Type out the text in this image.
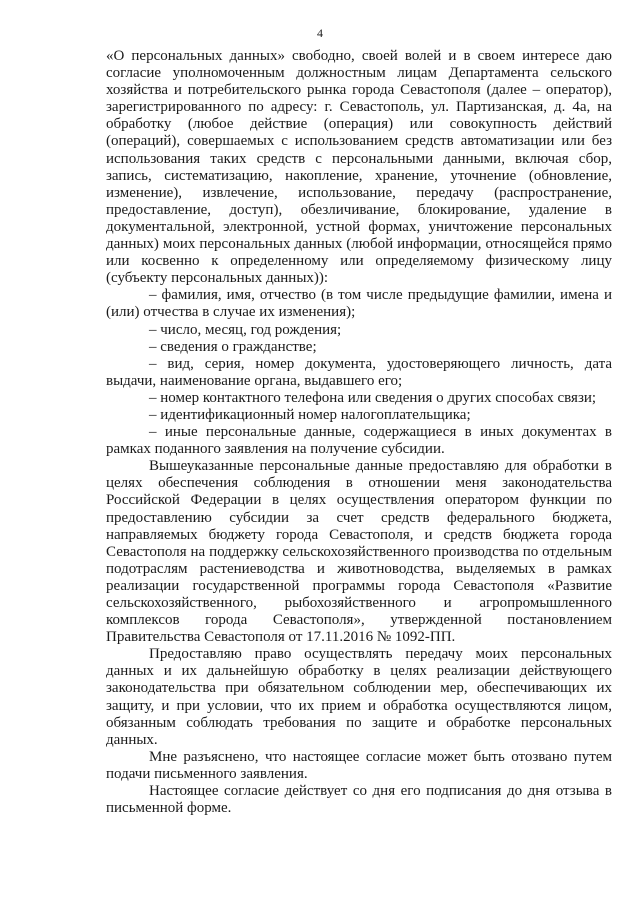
4

«О персональных данных» свободно, своей волей и в своем интересе даю согласие уполномоченным должностным лицам Департамента сельского хозяйства и потребительского рынка города Севастополя (далее – оператор), зарегистрированного по адресу: г. Севастополь, ул. Партизанская, д. 4а, на обработку (любое действие (операция) или совокупность действий (операций), совершаемых с использованием средств автоматизации или без использования таких средств с персональными данными, включая сбор, запись, систематизацию, накопление, хранение, уточнение (обновление, изменение), извлечение, использование, передачу (распространение, предоставление, доступ), обезличивание, блокирование, удаление в документальной, электронной, устной формах, уничтожение персональных данных) моих персональных данных (любой информации, относящейся прямо или косвенно к определенному или определяемому физическому лицу (субъекту персональных данных)):

– фамилия, имя, отчество (в том числе предыдущие фамилии, имена и (или) отчества в случае их изменения);

– число, месяц, год рождения;

– сведения о гражданстве;

– вид, серия, номер документа, удостоверяющего личность, дата выдачи, наименование органа, выдавшего его;

– номер контактного телефона или сведения о других способах связи;

– идентификационный номер налогоплательщика;

– иные персональные данные, содержащиеся в иных документах в рамках поданного заявления на получение субсидии.

Вышеуказанные персональные данные предоставляю для обработки в целях обеспечения соблюдения в отношении меня законодательства Российской Федерации в целях осуществления оператором функции по предоставлению субсидии за счет средств федерального бюджета, направляемых бюджету города Севастополя, и средств бюджета города Севастополя на поддержку сельскохозяйственного производства по отдельным подотраслям растениеводства и животноводства, выделяемых в рамках реализации государственной программы города Севастополя «Развитие сельскохозяйственного, рыбохозяйственного и агропромышленного комплексов города Севастополя», утвержденной постановлением Правительства Севастополя от 17.11.2016 № 1092-ПП.

Предоставляю право осуществлять передачу моих персональных данных и их дальнейшую обработку в целях реализации действующего законодательства при обязательном соблюдении мер, обеспечивающих их защиту, и при условии, что их прием и обработка осуществляются лицом, обязанным соблюдать требования по защите и обработке персональных данных.

Мне разъяснено, что настоящее согласие может быть отозвано путем подачи письменного заявления.

Настоящее согласие действует со дня его подписания до дня отзыва в письменной форме.
